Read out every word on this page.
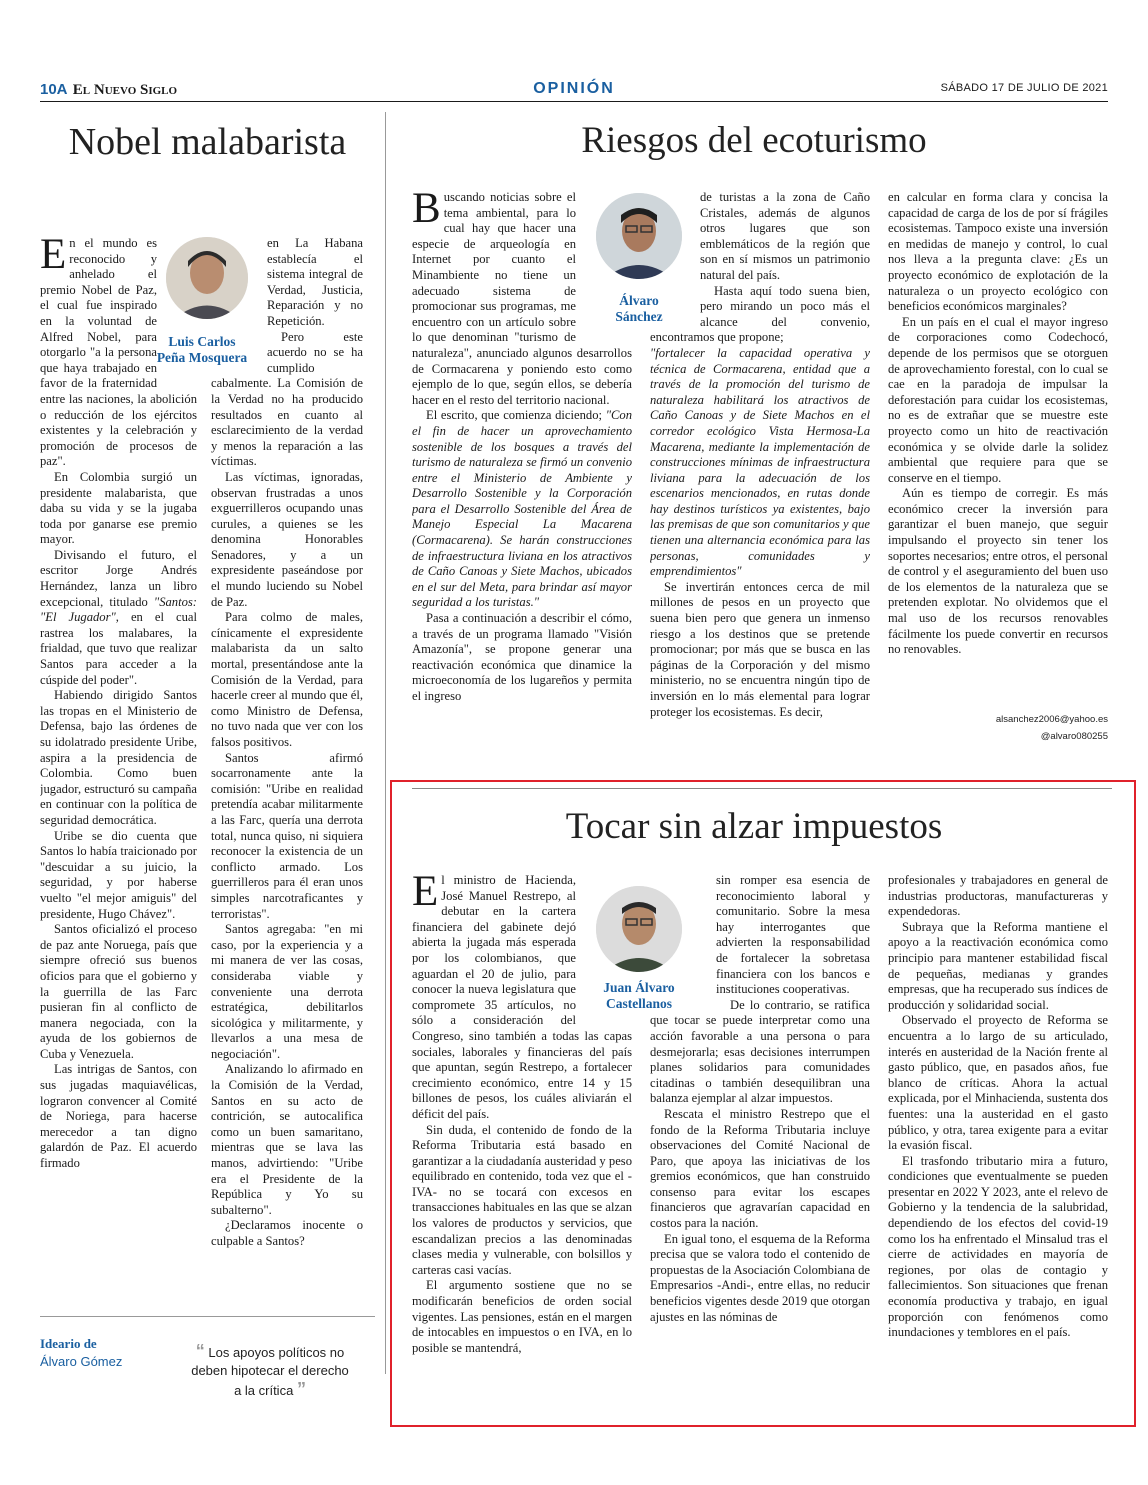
10A El Nuevo Siglo	OPINIÓN	SÁBADO 17 DE JULIO DE 2021
Nobel malabarista
Luis Carlos
Peña Mosquera

En el mundo es reconocido y anhelado el premio Nobel de Paz, el cual fue inspirado en la voluntad de Alfred Nobel, para otorgarlo "a la persona que haya trabajado en favor de la fraternidad entre las naciones, la abolición o reducción de los ejércitos existentes y la celebración y promoción de procesos de paz".

En Colombia surgió un presidente malabarista, que daba su vida y se la jugaba toda por ganarse ese premio mayor.

Divisando el futuro, el escritor Jorge Andrés Hernández, lanza un libro excepcional, titulado "Santos: "El Jugador", en el cual rastrea los malabares, la frialdad, que tuvo que realizar Santos para acceder a la cúspide del poder".

Habiendo dirigido Santos las tropas en el Ministerio de Defensa, bajo las órdenes de su idolatrado presidente Uribe, aspira a la presidencia de Colombia. Como buen jugador, estructuró su campaña en continuar con la política de seguridad democrática.

Uribe se dio cuenta que Santos lo había traicionado por "descuidar a su juicio, la seguridad, y por haberse vuelto "el mejor amiguis" del presidente, Hugo Chávez".

Santos oficializó el proceso de paz ante Noruega, país que siempre ofreció sus buenos oficios para que el gobierno y la guerrilla de las Farc pusieran fin al conflicto de manera negociada, con la ayuda de los gobiernos de Cuba y Venezuela.

Las intrigas de Santos, con sus jugadas maquiavélicas, lograron convencer al Comité de Noriega, para hacerse merecedor a tan digno galardón de Paz. El acuerdo firmado

en La Habana establecía el sistema integral de Verdad, Justicia, Reparación y no Repetición.

Pero este acuerdo no se ha cumplido cabalmente. La Comisión de la Verdad no ha producido resultados en cuanto al esclarecimiento de la verdad y menos la reparación a las víctimas.

Las víctimas, ignoradas, observan frustradas a unos exguerrilleros ocupando unas curules, a quienes se les denomina Honorables Senadores, y a un expresidente paseándose por el mundo luciendo su Nobel de Paz.

Para colmo de males, cínicamente el expresidente malabarista da un salto mortal, presentándose ante la Comisión de la Verdad, para hacerle creer al mundo que él, como Ministro de Defensa, no tuvo nada que ver con los falsos positivos.

Santos afirmó socarronamente ante la comisión: "Uribe en realidad pretendía acabar militarmente a las Farc, quería una derrota total, nunca quiso, ni siquiera reconocer la existencia de un conflicto armado. Los guerrilleros para él eran unos simples narcotraficantes y terroristas".

Santos agregaba: "en mi caso, por la experiencia y a mi manera de ver las cosas, consideraba viable y conveniente una derrota estratégica, debilitarlos sicológica y militarmente, y llevarlos a una mesa de negociación".

Analizando lo afirmado en la Comisión de la Verdad, Santos en su acto de contrición, se autocalifica como un buen samaritano, mientras que se lava las manos, advirtiendo: "Uribe era el Presidente de la República y Yo su subalterno".

¿Declaramos inocente o culpable a Santos?

Ideario de
Álvaro Gómez
“ Los apoyos políticos no deben hipotecar el derecho a la crítica ”
Riesgos del ecoturismo
Álvaro
Sánchez

Buscando noticias sobre el tema ambiental, para lo cual hay que hacer una especie de arqueología en Internet por cuanto el Minambiente no tiene un adecuado sistema de promocionar sus programas, me encuentro con un artículo sobre lo que denominan "turismo de naturaleza", anunciado algunos desarrollos de Cormacarena y poniendo esto como ejemplo de lo que, según ellos, se debería hacer en el resto del territorio nacional.

El escrito, que comienza diciendo; "Con el fin de hacer un aprovechamiento sostenible de los bosques a través del turismo de naturaleza se firmó un convenio entre el Ministerio de Ambiente y Desarrollo Sostenible y la Corporación para el Desarrollo Sostenible del Área de Manejo Especial La Macarena (Cormacarena). Se harán construcciones de infraestructura liviana en los atractivos de Caño Canoas y Siete Machos, ubicados en el sur del Meta, para brindar así mayor seguridad a los turistas."

Pasa a continuación a describir el cómo, a través de un programa llamado "Visión Amazonía", se propone generar una reactivación económica que dinamice la microeconomía de los lugareños y permita el ingreso

de turistas a la zona de Caño Cristales, además de algunos otros lugares que son emblemáticos de la región que son en sí mismos un patrimonio natural del país.

Hasta aquí todo suena bien, pero mirando un poco más el alcance del convenio, encontramos que propone;

"fortalecer la capacidad operativa y técnica de Cormacarena, entidad que a través de la promoción del turismo de naturaleza habilitará los atractivos de Caño Canoas y de Siete Machos en el corredor ecológico Vista Hermosa-La Macarena, mediante la implementación de construcciones mínimas de infraestructura liviana para la adecuación de los escenarios mencionados, en rutas donde hay destinos turísticos ya existentes, bajo las premisas de que son comunitarios y que tienen una alternancia económica para las personas, comunidades y emprendimientos"

Se invertirán entonces cerca de mil millones de pesos en un proyecto que suena bien pero que genera un inmenso riesgo a los destinos que se pretende promocionar; por más que se busca en las páginas de la Corporación y del mismo ministerio, no se encuentra ningún tipo de inversión en lo más elemental para lograr proteger los ecosistemas. Es decir,

en calcular en forma clara y concisa la capacidad de carga de los de por sí frágiles ecosistemas. Tampoco existe una inversión en medidas de manejo y control, lo cual nos lleva a la pregunta clave: ¿Es un proyecto económico de explotación de la naturaleza o un proyecto ecológico con beneficios económicos marginales?

En un país en el cual el mayor ingreso de corporaciones como Codechocó, depende de los permisos que se otorguen de aprovechamiento forestal, con lo cual se cae en la paradoja de impulsar la deforestación para cuidar los ecosistemas, no es de extrañar que se muestre este proyecto como un hito de reactivación económica y se olvide darle la solidez ambiental que requiere para que se conserve en el tiempo.

Aún es tiempo de corregir. Es más económico crecer la inversión para garantizar el buen manejo, que seguir impulsando el proyecto sin tener los soportes necesarios; entre otros, el personal de control y el aseguramiento del buen uso de los elementos de la naturaleza que se pretenden explotar. No olvidemos que el mal uso de los recursos renovables fácilmente los puede convertir en recursos no renovables.

alsanchez2006@yahoo.es
@alvaro080255
Tocar sin alzar impuestos
Juan Álvaro
Castellanos

El ministro de Hacienda, José Manuel Restrepo, al debutar en la cartera financiera del gabinete dejó abierta la jugada más esperada por los colombianos, que aguardan el 20 de julio, para conocer la nueva legislatura que compromete 35 artículos, no sólo a consideración del Congreso, sino también a todas las capas sociales, laborales y financieras del país que apuntan, según Restrepo, a fortalecer crecimiento económico, entre 14 y 15 billones de pesos, los cuáles aliviarán el déficit del país.

Sin duda, el contenido de fondo de la Reforma Tributaria está basado en garantizar a la ciudadanía austeridad y peso equilibrado en contenido, toda vez que el -IVA- no se tocará con excesos en transacciones habituales en las que se alzan los valores de productos y servicios, que escandalizan precios a las denominadas clases media y vulnerable, con bolsillos y carteras casi vacías.

El argumento sostiene que no se modificarán beneficios de orden social vigentes. Las pensiones, están en el margen de intocables en impuestos o en IVA, en lo posible se mantendrá,

sin romper esa esencia de reconocimiento laboral y comunitario. Sobre la mesa hay interrogantes que advierten la responsabilidad de fortalecer la sobretasa financiera con los bancos e instituciones cooperativas.

De lo contrario, se ratifica que tocar se puede interpretar como una acción favorable a una persona o para desmejorarla; esas decisiones interrumpen planes solidarios para comunidades citadinas o también desequilibran una balanza ejemplar al alzar impuestos.

Rescata el ministro Restrepo que el fondo de la Reforma Tributaria incluye observaciones del Comité Nacional de Paro, que apoya las iniciativas de los gremios económicos, que han construido consenso para evitar los escapes financieros que agravarían capacidad en costos para la nación.

En igual tono, el esquema de la Reforma precisa que se valora todo el contenido de propuestas de la Asociación Colombiana de Empresarios -Andi-, entre ellas, no reducir beneficios vigentes desde 2019 que otorgan ajustes en las nóminas de

profesionales y trabajadores en general de industrias productoras, manufactureras y expendedoras.

Subraya que la Reforma mantiene el apoyo a la reactivación económica como principio para mantener estabilidad fiscal de pequeñas, medianas y grandes empresas, que ha recuperado sus índices de producción y solidaridad social.

Observado el proyecto de Reforma se encuentra a lo largo de su articulado, interés en austeridad de la Nación frente al gasto público, que, en pasados años, fue blanco de críticas. Ahora la actual explicada, por el Minhacienda, sustenta dos fuentes: una la austeridad en el gasto público, y otra, tarea exigente para a evitar la evasión fiscal.

El trasfondo tributario mira a futuro, condiciones que eventualmente se pueden presentar en 2022 Y 2023, ante el relevo de Gobierno y la tendencia de la salubridad, dependiendo de los efectos del covid-19 como los ha enfrentado el Minsalud tras el cierre de actividades en mayoría de regiones, por olas de contagio y fallecimientos. Son situaciones que frenan economía productiva y trabajo, en igual proporción con fenómenos como inundaciones y temblores en el país.
